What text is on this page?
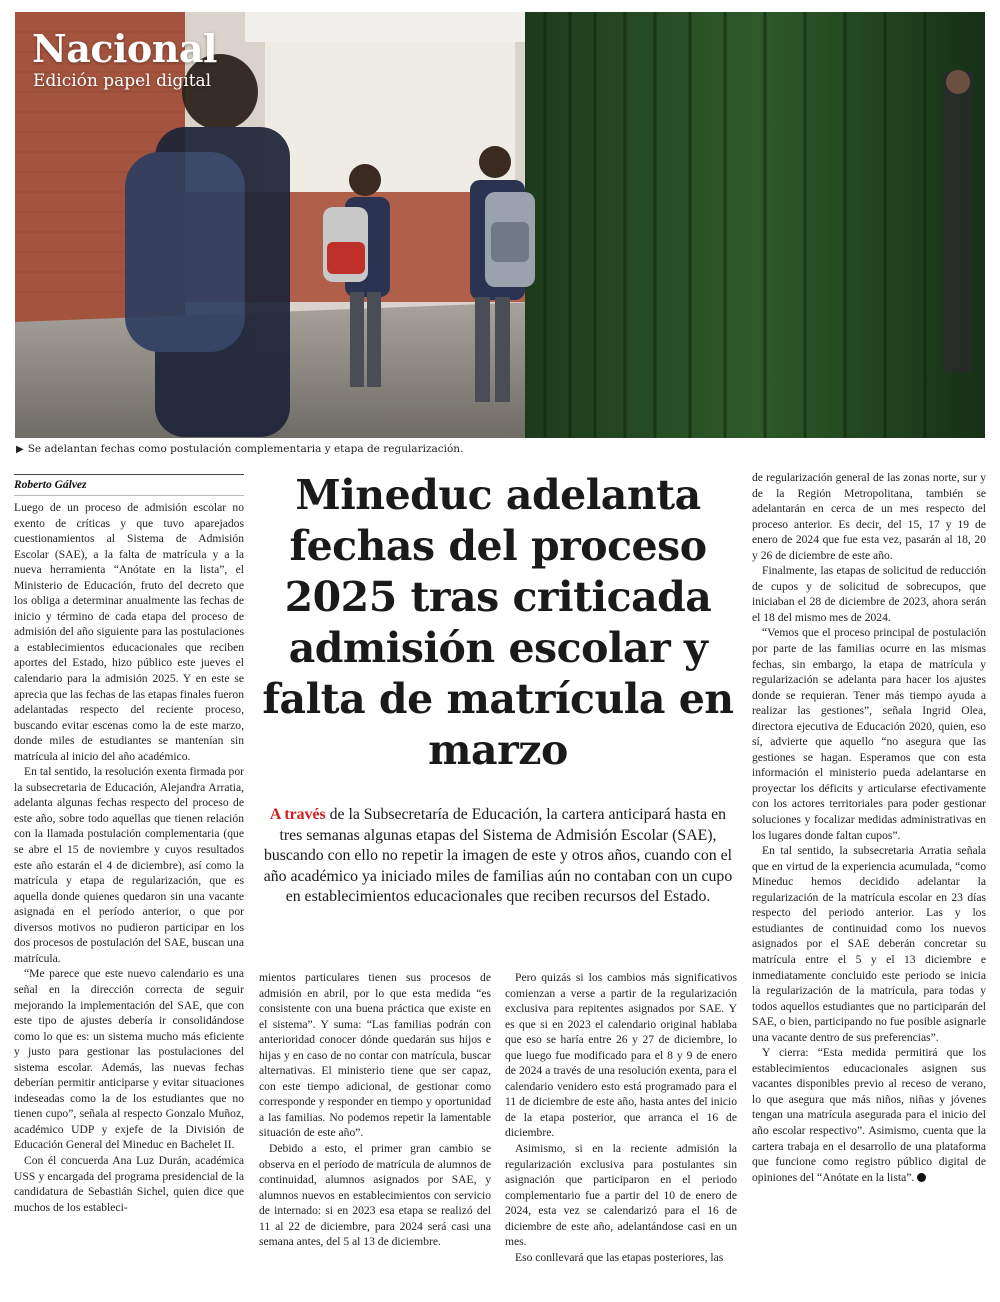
Nacional
Edición papel digital
▶ Se adelantan fechas como postulación complementaria y etapa de regularización.
Roberto Gálvez

Luego de un proceso de admisión escolar no exento de críticas y que tuvo aparejados cuestionamientos al Sistema de Admisión Escolar (SAE), a la falta de matrícula y a la nueva herramienta “Anótate en la lista”, el Ministerio de Educación, fruto del decreto que los obliga a determinar anualmente las fechas de inicio y término de cada etapa del proceso de admisión del año siguiente para las postulaciones a establecimientos educacionales que reciben aportes del Estado, hizo público este jueves el calendario para la admisión 2025. Y en este se aprecia que las fechas de las etapas finales fueron adelantadas respecto del reciente proceso, buscando evitar escenas como la de este marzo, donde miles de estudiantes se mantenían sin matrícula al inicio del año académico.

En tal sentido, la resolución exenta firmada por la subsecretaria de Educación, Alejandra Arratia, adelanta algunas fechas respecto del proceso de este año, sobre todo aquellas que tienen relación con la llamada postulación complementaria (que se abre el 15 de noviembre y cuyos resultados este año estarán el 4 de diciembre), así como la matrícula y etapa de regularización, que es aquella donde quienes quedaron sin una vacante asignada en el período anterior, o que por diversos motivos no pudieron participar en los dos procesos de postulación del SAE, buscan una matrícula.

“Me parece que este nuevo calendario es una señal en la dirección correcta de seguir mejorando la implementación del SAE, que con este tipo de ajustes debería ir consolidándose como lo que es: un sistema mucho más eficiente y justo para gestionar las postulaciones del sistema escolar. Además, las nuevas fechas deberían permitir anticiparse y evitar situaciones indeseadas como la de los estudiantes que no tienen cupo”, señala al respecto Gonzalo Muñoz, académico UDP y exjefe de la División de Educación General del Mineduc en Bachelet II.

Con él concuerda Ana Luz Durán, académica USS y encargada del programa presidencial de la candidatura de Sebastián Sichel, quien dice que muchos de los estableci-

Mineduc adelanta fechas del proceso 2025 tras criticada admisión escolar y falta de matrícula en marzo
A través de la Subsecretaría de Educación, la cartera anticipará hasta en tres semanas algunas etapas del Sistema de Admisión Escolar (SAE), buscando con ello no repetir la imagen de este y otros años, cuando con el año académico ya iniciado miles de familias aún no contaban con un cupo en establecimientos educacionales que reciben recursos del Estado.

mientos particulares tienen sus procesos de admisión en abril, por lo que esta medida “es consistente con una buena práctica que existe en el sistema”. Y suma: “Las familias podrán con anterioridad conocer dónde quedarán sus hijos e hijas y en caso de no contar con matrícula, buscar alternativas. El ministerio tiene que ser capaz, con este tiempo adicional, de gestionar como corresponde y responder en tiempo y oportunidad a las familias. No podemos repetir la lamentable situación de este año”.

Debido a esto, el primer gran cambio se observa en el período de matrícula de alumnos de continuidad, alumnos asignados por SAE, y alumnos nuevos en establecimientos con servicio de internado: si en 2023 esa etapa se realizó del 11 al 22 de diciembre, para 2024 será casi una semana antes, del 5 al 13 de diciembre.

Pero quizás si los cambios más significativos comienzan a verse a partir de la regularización exclusiva para repitentes asignados por SAE. Y es que si en 2023 el calendario original hablaba que eso se haría entre 26 y 27 de diciembre, lo que luego fue modificado para el 8 y 9 de enero de 2024 a través de una resolución exenta, para el calendario venidero esto está programado para el 11 de diciembre de este año, hasta antes del inicio de la etapa posterior, que arranca el 16 de diciembre.

Asimismo, si en la reciente admisión la regularización exclusiva para postulantes sin asignación que participaron en el periodo complementario fue a partir del 10 de enero de 2024, esta vez se calendarizó para el 16 de diciembre de este año, adelantándose casi en un mes.

Eso conllevará que las etapas posteriores, las

de regularización general de las zonas norte, sur y de la Región Metropolitana, también se adelantarán en cerca de un mes respecto del proceso anterior. Es decir, del 15, 17 y 19 de enero de 2024 que fue esta vez, pasarán al 18, 20 y 26 de diciembre de este año.

Finalmente, las etapas de solicitud de reducción de cupos y de solicitud de sobrecupos, que iniciaban el 28 de diciembre de 2023, ahora serán el 18 del mismo mes de 2024.

“Vemos que el proceso principal de postulación por parte de las familias ocurre en las mismas fechas, sin embargo, la etapa de matrícula y regularización se adelanta para hacer los ajustes donde se requieran. Tener más tiempo ayuda a realizar las gestiones”, señala Ingrid Olea, directora ejecutiva de Educación 2020, quien, eso sí, advierte que aquello “no asegura que las gestiones se hagan. Esperamos que con esta información el ministerio pueda adelantarse en proyectar los déficits y articularse efectivamente con los actores territoriales para poder gestionar soluciones y focalizar medidas administrativas en los lugares donde faltan cupos”.

En tal sentido, la subsecretaria Arratia señala que en virtud de la experiencia acumulada, “como Mineduc hemos decidido adelantar la regularización de la matrícula escolar en 23 días respecto del periodo anterior. Las y los estudiantes de continuidad como los nuevos asignados por el SAE deberán concretar su matrícula entre el 5 y el 13 diciembre e inmediatamente concluido este periodo se inicia la regularización de la matrícula, para todas y todos aquellos estudiantes que no participarán del SAE, o bien, participando no fue posible asignarle una vacante dentro de sus preferencias”.

Y cierra: “Esta medida permitirá que los establecimientos educacionales asignen sus vacantes disponibles previo al receso de verano, lo que asegura que más niños, niñas y jóvenes tengan una matrícula asegurada para el inicio del año escolar respectivo”. Asimismo, cuenta que la cartera trabaja en el desarrollo de una plataforma que funcione como registro público digital de opiniones del “Anótate en la lista”.
